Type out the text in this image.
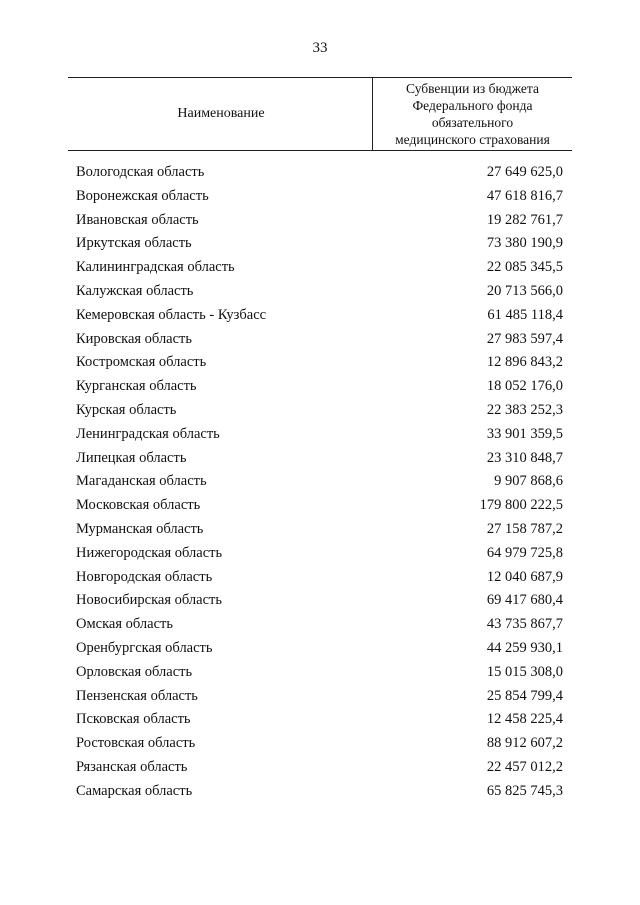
33
Наименование
Субвенции из бюджета
Федерального фонда
обязательного
медицинского страхования
Вологодская область	27 649 625,0
Воронежская область	47 618 816,7
Ивановская область	19 282 761,7
Иркутская область	73 380 190,9
Калининградская область	22 085 345,5
Калужская область	20 713 566,0
Кемеровская область - Кузбасс	61 485 118,4
Кировская область	27 983 597,4
Костромская область	12 896 843,2
Курганская область	18 052 176,0
Курская область	22 383 252,3
Ленинградская область	33 901 359,5
Липецкая область	23 310 848,7
Магаданская область	9 907 868,6
Московская область	179 800 222,5
Мурманская область	27 158 787,2
Нижегородская область	64 979 725,8
Новгородская область	12 040 687,9
Новосибирская область	69 417 680,4
Омская область	43 735 867,7
Оренбургская область	44 259 930,1
Орловская область	15 015 308,0
Пензенская область	25 854 799,4
Псковская область	12 458 225,4
Ростовская область	88 912 607,2
Рязанская область	22 457 012,2
Самарская область	65 825 745,3
